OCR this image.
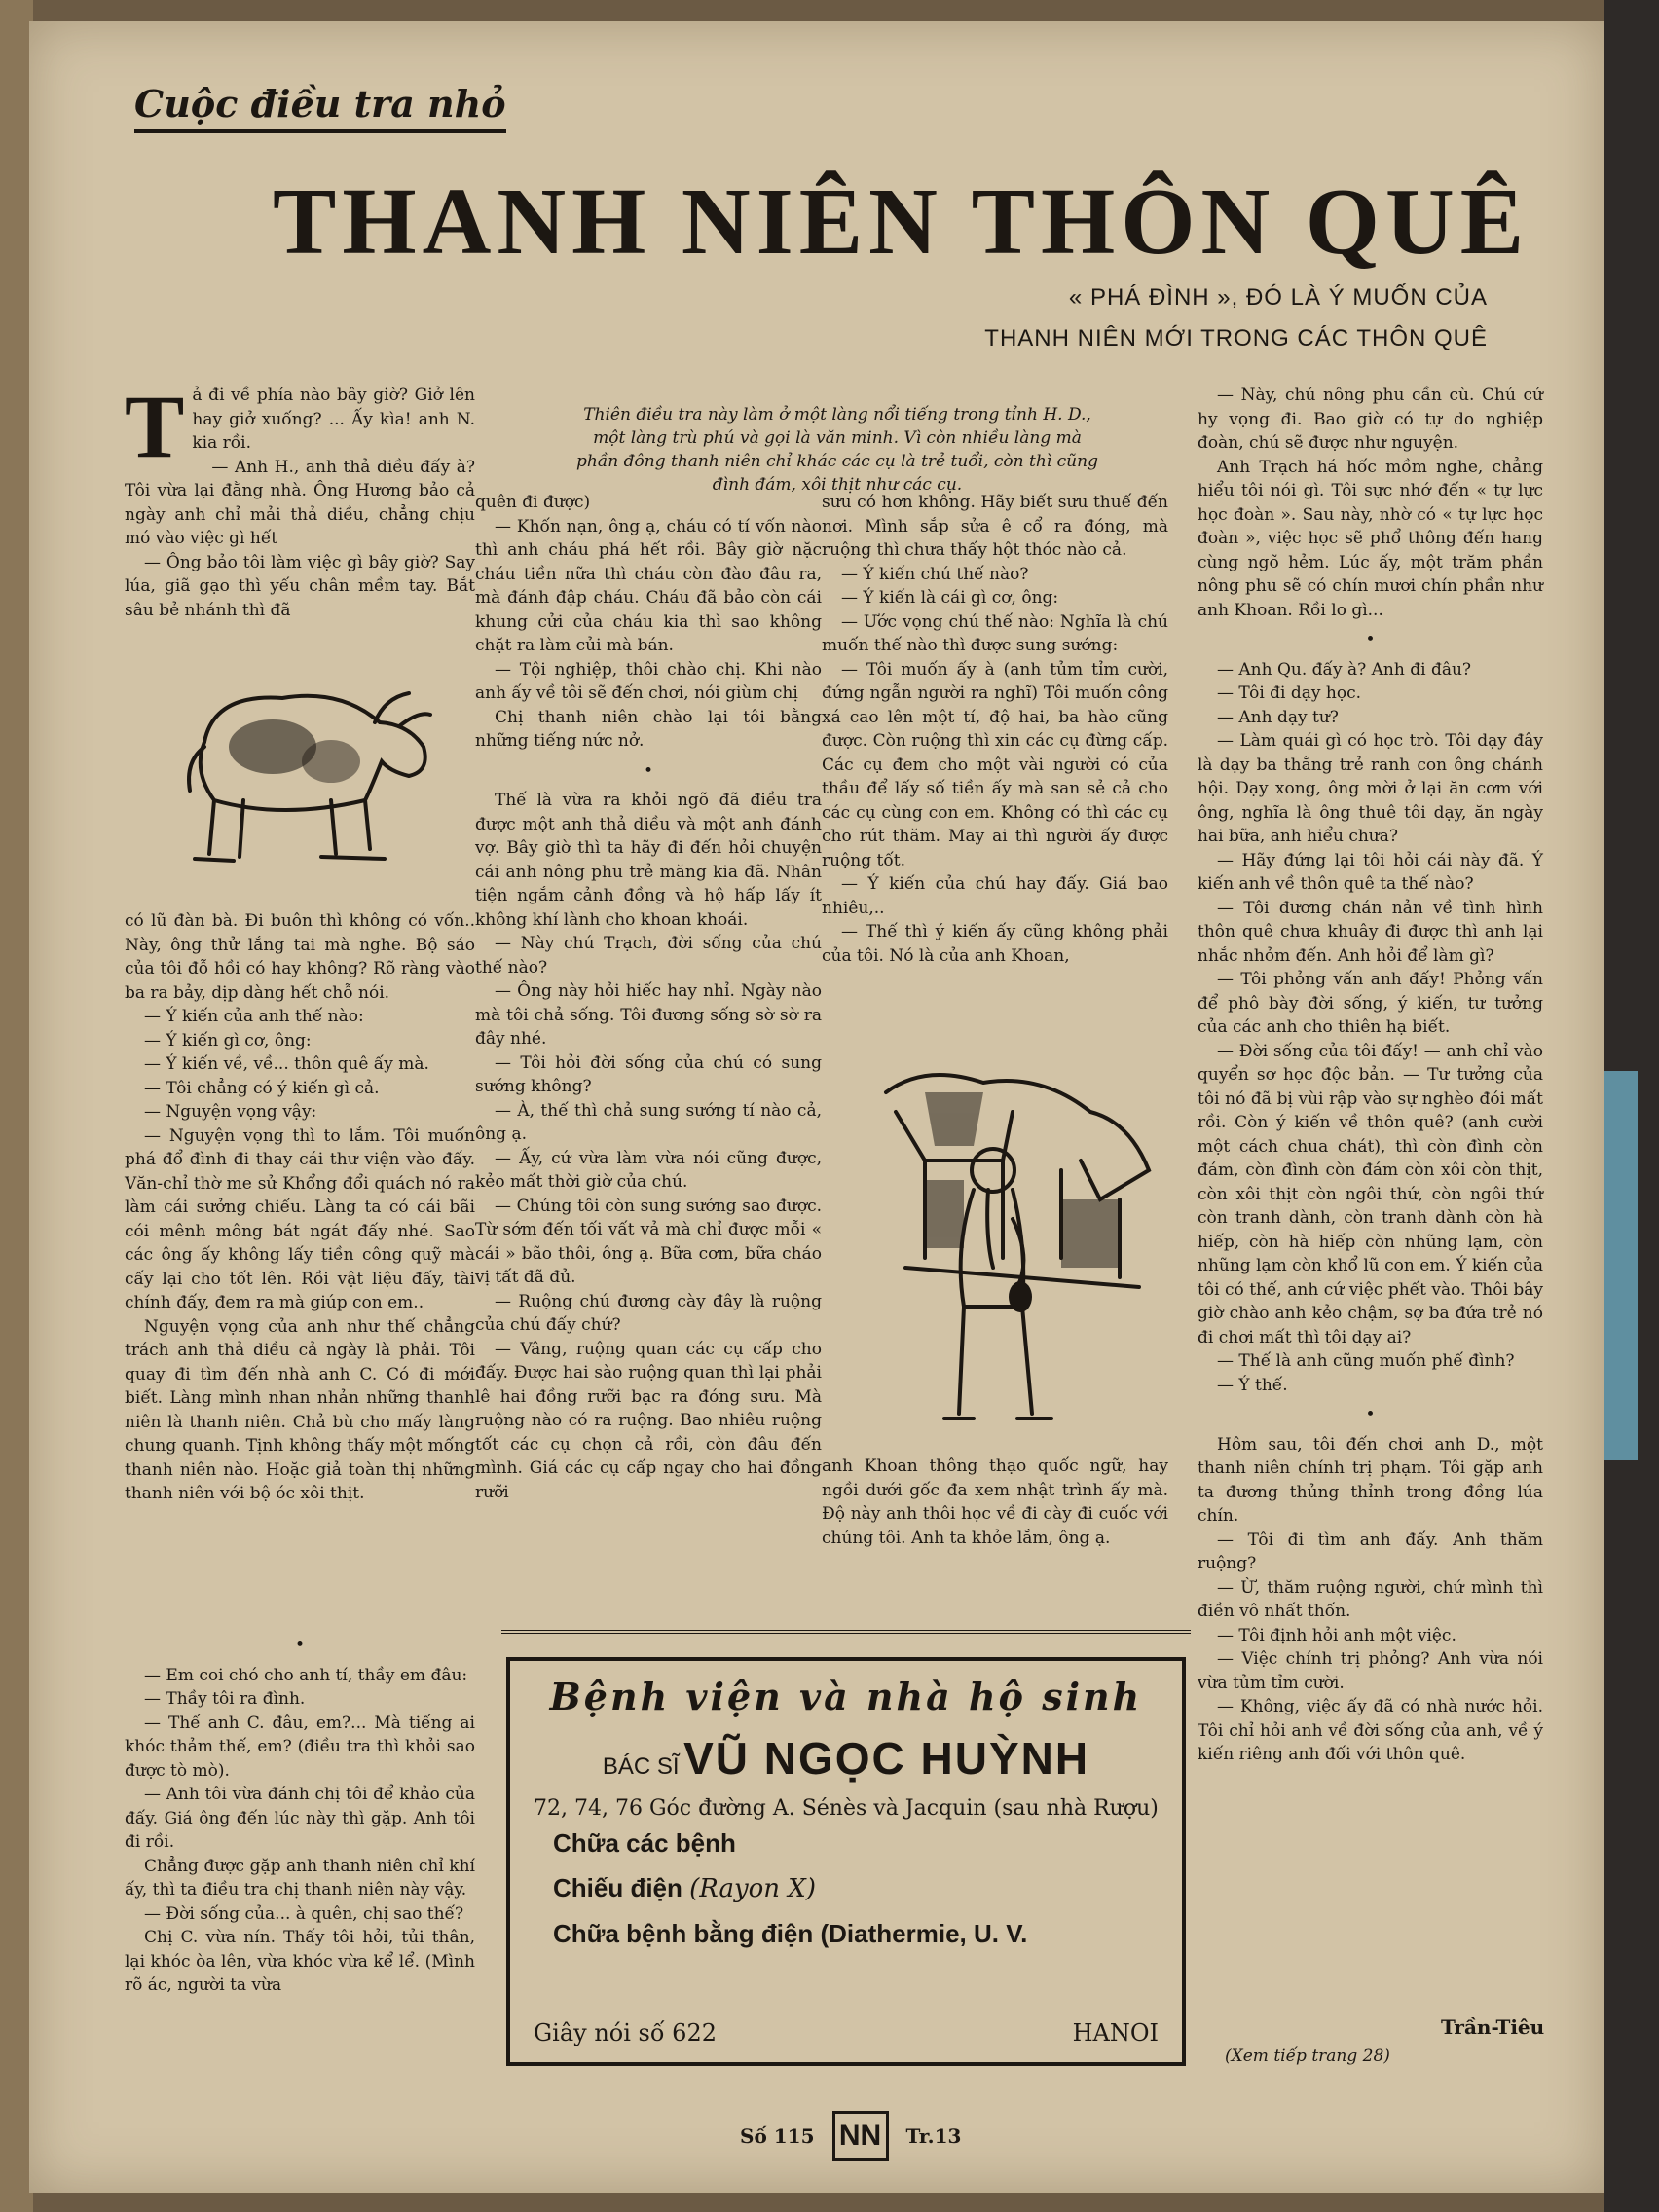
Cuộc điều tra nhỏ
THANH NIÊN THÔN QUÊ
« PHÁ ĐÌNH », ĐÓ LÀ Ý MUỐN CỦA
THANH NIÊN MỚI TRONG CÁC THÔN QUÊ
Thiên điều tra này làm ở một làng nổi tiếng trong tỉnh H. D., một làng trù phú và gọi là văn minh. Vì còn nhiều làng mà phần đông thanh niên chỉ khác các cụ là trẻ tuổi, còn thì cũng đình đám, xôi thịt như các cụ.
T ả đi về phía nào bây giờ? Giở lên hay giở xuống? ... Ấy kìa! anh N. kia rồi.

— Anh H., anh thả diều đấy à? Tôi vừa lại đằng nhà. Ông Hương bảo cả ngày anh chỉ mải thả diều, chẳng chịu mó vào việc gì hết

— Ông bảo tôi làm việc gì bây giờ? Say lúa, giã gạo thì yếu chân mềm tay. Bắt sâu bẻ nhánh thì đã

có lũ đàn bà. Đi buôn thì không có vốn.. Này, ông thử lắng tai mà nghe. Bộ sáo của tôi đỗ hồi có hay không? Rõ ràng vào ba ra bảy, dịp dàng hết chỗ nói.

— Ý kiến của anh thế nào:

— Ý kiến gì cơ, ông:

— Ý kiến về, về... thôn quê ấy mà.

— Tôi chẳng có ý kiến gì cả.

— Nguyện vọng vậy:

— Nguyện vọng thì to lắm. Tôi muốn phá đổ đình đi thay cái thư viện vào đấy. Văn-chỉ thờ me sử Khổng đổi quách nó ra làm cái sưởng chiếu. Làng ta có cái bãi cói mênh mông bát ngát đấy nhé. Sao các ông ấy không lấy tiền công quỹ mà cấy lại cho tốt lên. Rồi vật liệu đấy, tài chính đấy, đem ra mà giúp con em..

Nguyện vọng của anh như thế chẳng trách anh thả diều cả ngày là phải. Tôi quay đi tìm đến nhà anh C. Có đi mới biết. Làng mình nhan nhản những thanh niên là thanh niên. Chả bù cho mấy làng chung quanh. Tịnh không thấy một mống thanh niên nào. Hoặc giả toàn thị những thanh niên với bộ óc xôi thịt.

•

— Em coi chó cho anh tí, thầy em đâu:

— Thầy tôi ra đình.

— Thế anh C. đâu, em?... Mà tiếng ai khóc thảm thế, em? (điều tra thì khỏi sao được tò mò).

— Anh tôi vừa đánh chị tôi để khảo của đấy. Giá ông đến lúc này thì gặp. Anh tôi đi rồi.

Chẳng được gặp anh thanh niên chỉ khí ấy, thì ta điều tra chị thanh niên này vậy.

— Đời sống của... à quên, chị sao thế?

Chị C. vừa nín. Thấy tôi hỏi, tủi thân, lại khóc òa lên, vừa khóc vừa kể lể. (Mình rõ ác, người ta vừa

quên đi được)

— Khốn nạn, ông ạ, cháu có tí vốn nào thì anh cháu phá hết rồi. Bây giờ nặc cháu tiền nữa thì cháu còn đào đâu ra, mà đánh đập cháu. Cháu đã bảo còn cái khung cửi của cháu kia thì sao không chặt ra làm củi mà bán.

— Tội nghiệp, thôi chào chị. Khi nào anh ấy về tôi sẽ đến chơi, nói giùm chị

Chị thanh niên chào lại tôi bằng những tiếng nức nở.

•

Thế là vừa ra khỏi ngõ đã điều tra được một anh thả diều và một anh đánh vợ. Bây giờ thì ta hãy đi đến hỏi chuyện cái anh nông phu trẻ măng kia đã. Nhân tiện ngắm cảnh đồng và hộ hấp lấy ít không khí lành cho khoan khoái.

— Này chú Trạch, đời sống của chú thế nào?

— Ông này hỏi hiếc hay nhỉ. Ngày nào mà tôi chả sống. Tôi đương sống sờ sờ ra đây nhé.

— Tôi hỏi đời sống của chú có sung sướng không?

— À, thế thì chả sung sướng tí nào cả, ông ạ.

— Ấy, cứ vừa làm vừa nói cũng được, kẻo mất thời giờ của chú.

— Chúng tôi còn sung sướng sao được. Từ sớm đến tối vất vả mà chỉ được mỗi « cái » bão thôi, ông ạ. Bữa cơm, bữa cháo vị tất đã đủ.

— Ruộng chú đương cày đây là ruộng của chú đấy chứ?

— Vâng, ruộng quan các cụ cấp cho đấy. Được hai sào ruộng quan thì lại phải lê hai đồng rưỡi bạc ra đóng sưu. Mà ruộng nào có ra ruộng. Bao nhiêu ruộng tốt các cụ chọn cả rồi, còn đâu đến mình. Giá các cụ cấp ngay cho hai đồng rưỡi

sưu có hơn không. Hãy biết sưu thuế đến nơi. Mình sắp sửa ê cổ ra đóng, mà ruộng thì chưa thấy hột thóc nào cả.

— Ý kiến chú thế nào?

— Ý kiến là cái gì cơ, ông:

— Ước vọng chú thế nào: Nghĩa là chú muốn thế nào thì được sung sướng:

— Tôi muốn ấy à (anh tủm tỉm cười, đứng ngẫn người ra nghĩ) Tôi muốn công xá cao lên một tí, độ hai, ba hào cũng được. Còn ruộng thì xin các cụ đừng cấp. Các cụ đem cho một vài người có của thầu để lấy số tiền ấy mà san sẻ cả cho các cụ cùng con em. Không có thì các cụ cho rút thăm. May ai thì người ấy được ruộng tốt.

— Ý kiến của chú hay đấy. Giá bao nhiêu,..

— Thế thì ý kiến ấy cũng không phải của tôi. Nó là của anh Khoan,

anh Khoan thông thạo quốc ngữ, hay ngồi dưới gốc đa xem nhật trình ấy mà. Độ này anh thôi học về đi cày đi cuốc với chúng tôi. Anh ta khỏe lắm, ông ạ.

— Này, chú nông phu cần cù. Chú cứ hy vọng đi. Bao giờ có tự do nghiệp đoàn, chú sẽ được như nguyện.

Anh Trạch há hốc mồm nghe, chẳng hiểu tôi nói gì. Tôi sực nhớ đến « tự lực học đoàn ». Sau này, nhờ có « tự lực học đoàn », việc học sẽ phổ thông đến hang cùng ngõ hẻm. Lúc ấy, một trăm phần nông phu sẽ có chín mươi chín phần như anh Khoan. Rồi lo gì...

•

— Anh Qu. đấy à? Anh đi đâu?

— Tôi đi dạy học.

— Anh dạy tư?

— Làm quái gì có học trò. Tôi dạy đây là dạy ba thằng trẻ ranh con ông chánh hội. Dạy xong, ông mời ở lại ăn cơm với ông, nghĩa là ông thuê tôi dạy, ăn ngày hai bữa, anh hiểu chưa?

— Hãy đứng lại tôi hỏi cái này đã. Ý kiến anh về thôn quê ta thế nào?

— Tôi đương chán nản về tình hình thôn quê chưa khuây đi được thì anh lại nhắc nhỏm đến. Anh hỏi để làm gì?

— Tôi phỏng vấn anh đấy! Phỏng vấn để phô bày đời sống, ý kiến, tư tưởng của các anh cho thiên hạ biết.

— Đời sống của tôi đấy! — anh chỉ vào quyển sơ học độc bản. — Tư tưởng của tôi nó đã bị vùi rập vào sự nghèo đói mất rồi. Còn ý kiến về thôn quê? (anh cười một cách chua chát), thì còn đình còn đám, còn đình còn đám còn xôi còn thịt, còn xôi thịt còn ngôi thứ, còn ngôi thứ còn tranh dành, còn tranh dành còn hà hiếp, còn hà hiếp còn nhũng lạm, còn nhũng lạm còn khổ lũ con em. Ý kiến của tôi có thế, anh cứ việc phết vào. Thôi bây giờ chào anh kẻo chậm, sợ ba đứa trẻ nó đi chơi mất thì tôi dạy ai?

— Thế là anh cũng muốn phế đình?

— Ý thế.

•

Hôm sau, tôi đến chơi anh D., một thanh niên chính trị phạm. Tôi gặp anh ta đương thủng thỉnh trong đồng lúa chín.

— Tôi đi tìm anh đấy. Anh thăm ruộng?

— Ừ, thăm ruộng người, chứ mình thì điền vô nhất thốn.

— Tôi định hỏi anh một việc.

— Việc chính trị phỏng? Anh vừa nói vừa tủm tỉm cười.

— Không, việc ấy đã có nhà nước hỏi. Tôi chỉ hỏi anh về đời sống của anh, về ý kiến riêng anh đối với thôn quê.

Trần-Tiêu
(Xem tiếp trang 28)
Bệnh viện và nhà hộ sinh
BÁC SĨ VŨ NGỌC HUỲNH
72, 74, 76 Góc đường A. Sénès và Jacquin (sau nhà Rượu)
Chữa các bệnh
Chiếu điện (Rayon X)
Chữa bệnh bằng điện (Diathermie, U. V.
Giây nói số 622	HANOI
Số 115 NN	Tr.13
